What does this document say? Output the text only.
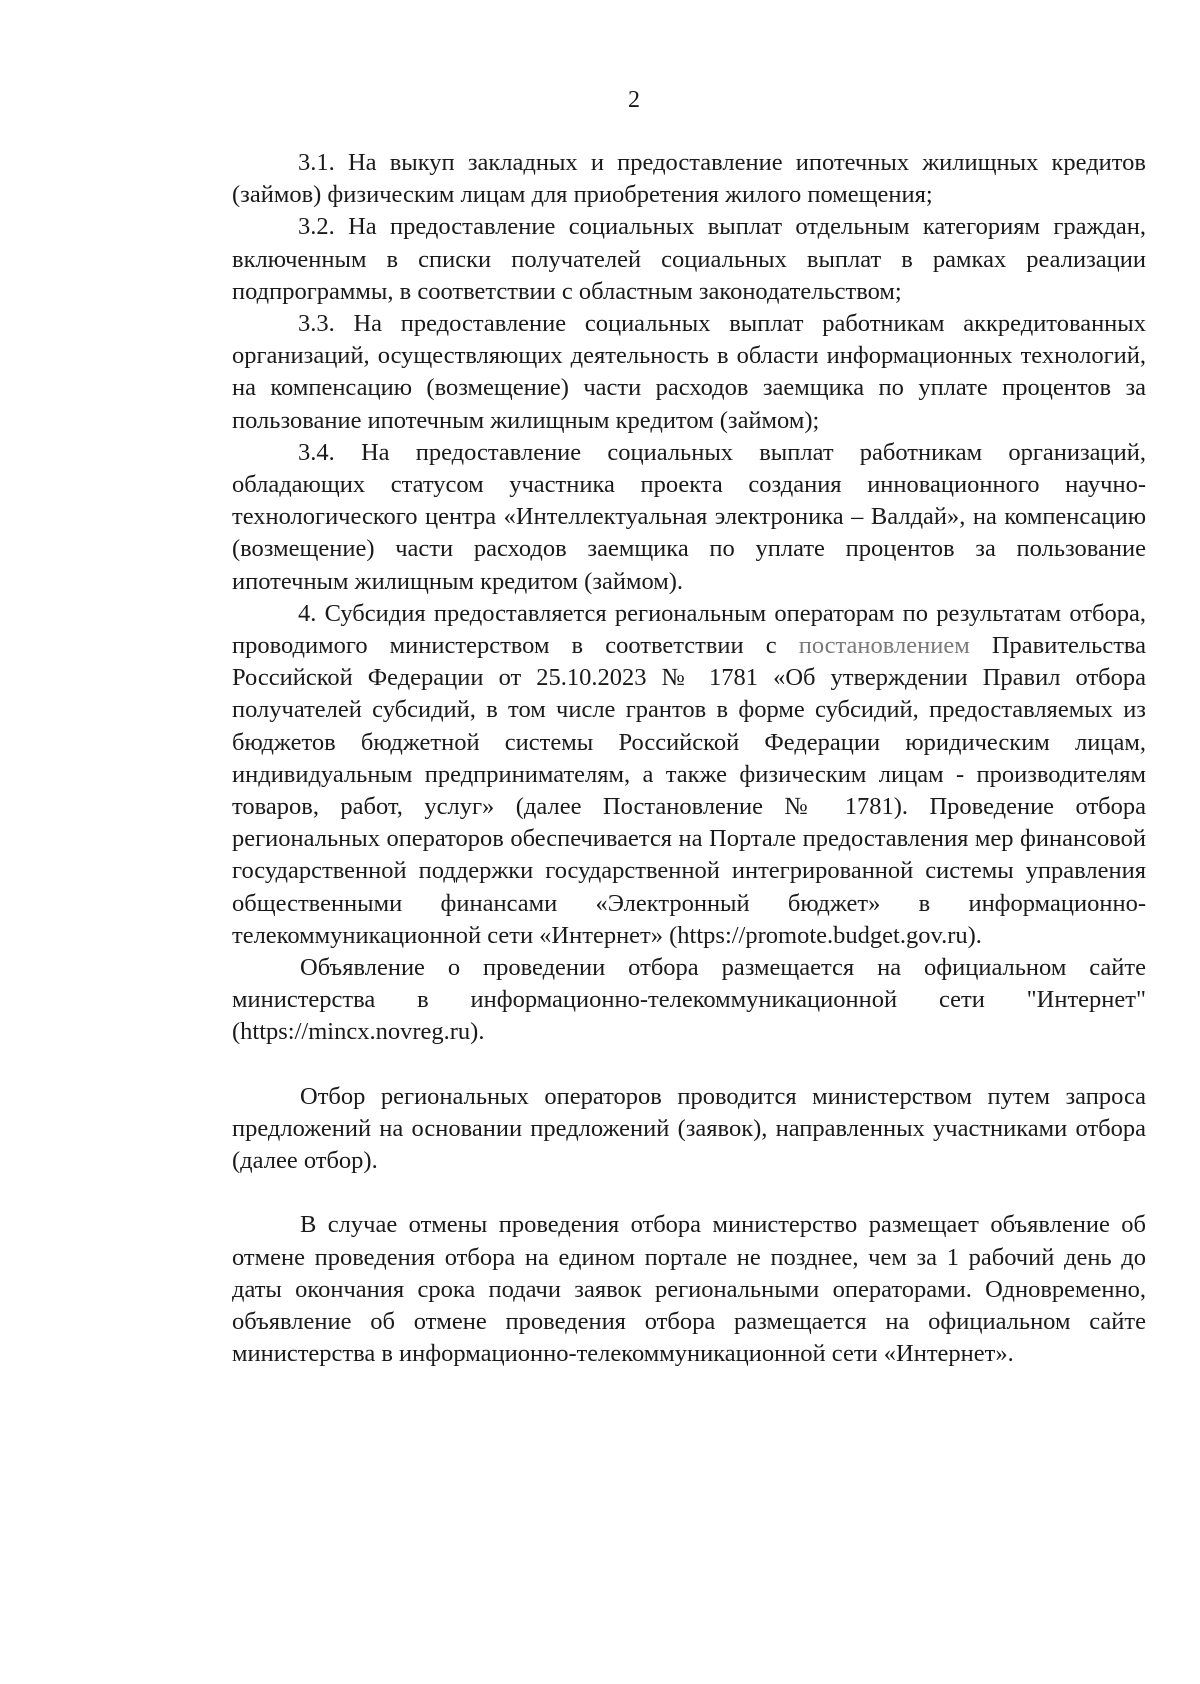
2

3.1. На выкуп закладных и предоставление ипотечных жилищных кредитов (займов) физическим лицам для приобретения жилого помещения;

3.2. На предоставление социальных выплат отдельным категориям граждан, включенным в списки получателей социальных выплат в рамках реализации подпрограммы, в соответствии с областным законодательством;

3.3. На предоставление социальных выплат работникам аккредитованных организаций, осуществляющих деятельность в области информационных технологий, на компенсацию (возмещение) части расходов заемщика по уплате процентов за пользование ипотечным жилищным кредитом (займом);

3.4. На предоставление социальных выплат работникам организаций, обладающих статусом участника проекта создания инновационного научно-технологического центра «Интеллектуальная электроника – Валдай», на компенсацию (возмещение) части расходов заемщика по уплате процентов за пользование ипотечным жилищным кредитом (займом).

4. Субсидия предоставляется региональным операторам по результатам отбора, проводимого министерством в соответствии с постановлением Правительства Российской Федерации от 25.10.2023 № 1781 «Об утверждении Правил отбора получателей субсидий, в том числе грантов в форме субсидий, предоставляемых из бюджетов бюджетной системы Российской Федерации юридическим лицам, индивидуальным предпринимателям, а также физическим лицам - производителям товаров, работ, услуг» (далее Постановление № 1781). Проведение отбора региональных операторов обеспечивается на Портале предоставления мер финансовой государственной поддержки государственной интегрированной системы управления общественными финансами «Электронный бюджет» в информационно-телекоммуникационной сети «Интернет» (https://promote.budget.gov.ru).

Объявление о проведении отбора размещается на официальном сайте министерства в информационно-телекоммуникационной сети "Интернет" (https://mincx.novreg.ru).

Отбор региональных операторов проводится министерством путем запроса предложений на основании предложений (заявок), направленных участниками отбора (далее отбор).

В случае отмены проведения отбора министерство размещает объявление об отмене проведения отбора на едином портале не позднее, чем за 1 рабочий день до даты окончания срока подачи заявок региональными операторами. Одновременно, объявление об отмене проведения отбора размещается на официальном сайте министерства в информационно-телекоммуникационной сети «Интернет».
